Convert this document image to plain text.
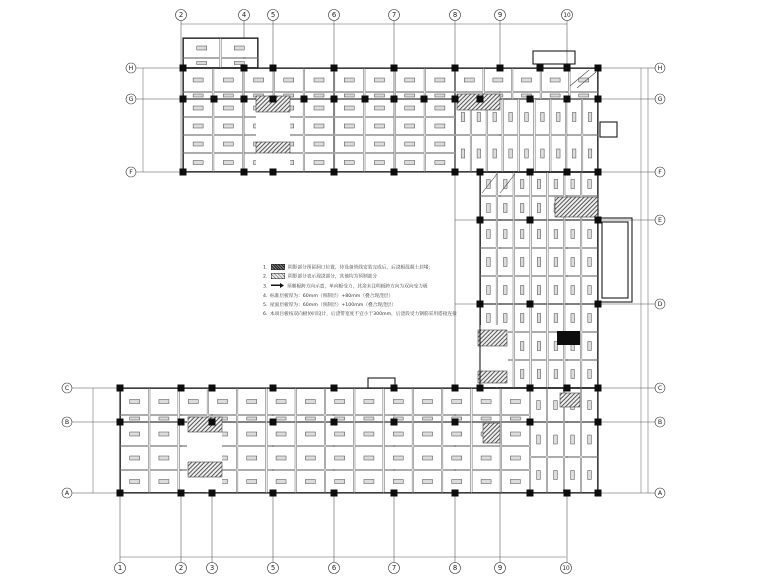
2	4	5	6	7	8	9	10
1	2	3	5	6	7	8	9	10
H
G
F
C
B
A
H
G
F
E
D
C
B
A
1. 阴影部分预留洞口位置，待设备管线安装完成后，后浇板混凝土封堵；
2. 阴影部分表示现浇部分，其他均为预制部分
3. 预制板跨方向示意，单向板受力，其余未注明板跨方向为双向受力板
4. 标准层板厚为：60mm（预制层）+80mm（叠合现浇层）
5. 屋面层板厚为：60mm（预制层）+100mm（叠合现浇层）
6. 本项目板按双向板协同设计，后浇带宽度不宜小于300mm，后浇段受力钢筋采用搭接连接
